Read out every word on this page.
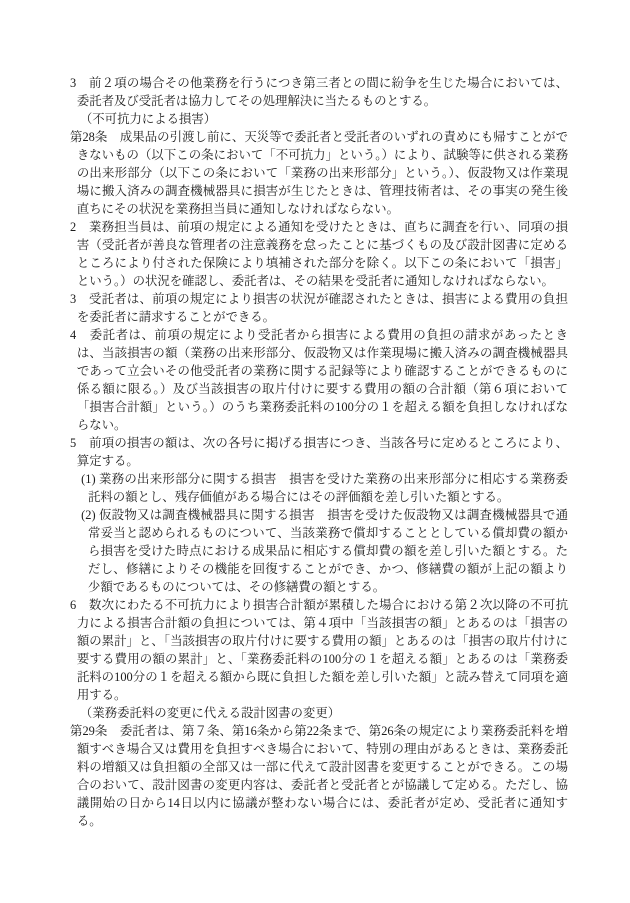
3　前２項の場合その他業務を行うにつき第三者との間に紛争を生じた場合においては、委託者及び受託者は協力してその処理解決に当たるものとする。
（不可抗力による損害）
第28条　成果品の引渡し前に、天災等で委託者と受託者のいずれの責めにも帰すことができないもの（以下この条において「不可抗力」という。）により、試験等に供される業務の出来形部分（以下この条において「業務の出来形部分」という。）、仮設物又は作業現場に搬入済みの調査機械器具に損害が生じたときは、管理技術者は、その事実の発生後直ちにその状況を業務担当員に通知しなければならない。
2　業務担当員は、前項の規定による通知を受けたときは、直ちに調査を行い、同項の損害（受託者が善良な管理者の注意義務を怠ったことに基づくもの及び設計図書に定めるところにより付された保険により填補された部分を除く。以下この条において「損害」という。）の状況を確認し、委託者は、その結果を受託者に通知しなければならない。
3　受託者は、前項の規定により損害の状況が確認されたときは、損害による費用の負担を委託者に請求することができる。
4　委託者は、前項の規定により受託者から損害による費用の負担の請求があったときは、当該損害の額（業務の出来形部分、仮設物又は作業現場に搬入済みの調査機械器具であって立会いその他受託者の業務に関する記録等により確認することができるものに係る額に限る。）及び当該損害の取片付けに要する費用の額の合計額（第６項において「損害合計額」という。）のうち業務委託料の100分の１を超える額を負担しなければならない。
5　前項の損害の額は、次の各号に掲げる損害につき、当該各号に定めるところにより、算定する。
(1) 業務の出来形部分に関する損害　損害を受けた業務の出来形部分に相応する業務委託料の額とし、残存価値がある場合にはその評価額を差し引いた額とする。
(2) 仮設物又は調査機械器具に関する損害　損害を受けた仮設物又は調査機械器具で通常妥当と認められるものについて、当該業務で償却することとしている償却費の額から損害を受けた時点における成果品に相応する償却費の額を差し引いた額とする。ただし、修繕によりその機能を回復することができ、かつ、修繕費の額が上記の額より少額であるものについては、その修繕費の額とする。
6　数次にわたる不可抗力により損害合計額が累積した場合における第２次以降の不可抗力による損害合計額の負担については、第４項中「当該損害の額」とあるのは「損害の額の累計」と、「当該損害の取片付けに要する費用の額」とあるのは「損害の取片付けに要する費用の額の累計」と、「業務委託料の100分の１を超える額」とあるのは「業務委託料の100分の１を超える額から既に負担した額を差し引いた額」と読み替えて同項を適用する。
（業務委託料の変更に代える設計図書の変更）
第29条　委託者は、第７条、第16条から第22条まで、第26条の規定により業務委託料を増額すべき場合又は費用を負担すべき場合において、特別の理由があるときは、業務委託料の増額又は負担額の全部又は一部に代えて設計図書を変更することができる。この場合のおいて、設計図書の変更内容は、委託者と受託者とが協議して定める。ただし、協議開始の日から14日以内に協議が整わない場合には、委託者が定め、受託者に通知する。
